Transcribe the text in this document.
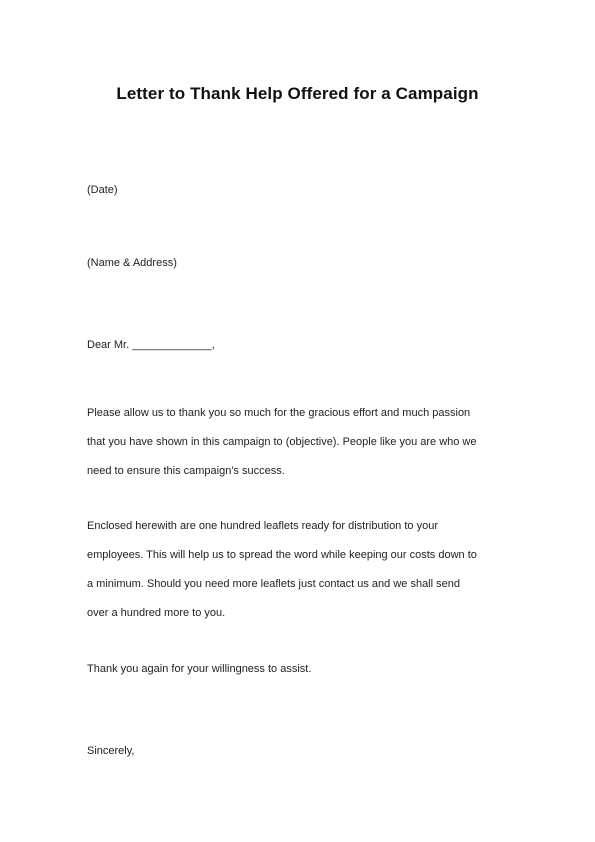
Letter to Thank Help Offered for a Campaign
(Date)
(Name & Address)
Dear Mr. _____________,
Please allow us to thank you so much for the gracious effort and much passion
that you have shown in this campaign to (objective). People like you are who we
need to ensure this campaign's success.
Enclosed herewith are one hundred leaflets ready for distribution to your
employees. This will help us to spread the word while keeping our costs down to
a minimum. Should you need more leaflets just contact us and we shall send
over a hundred more to you.
Thank you again for your willingness to assist.
Sincerely,
